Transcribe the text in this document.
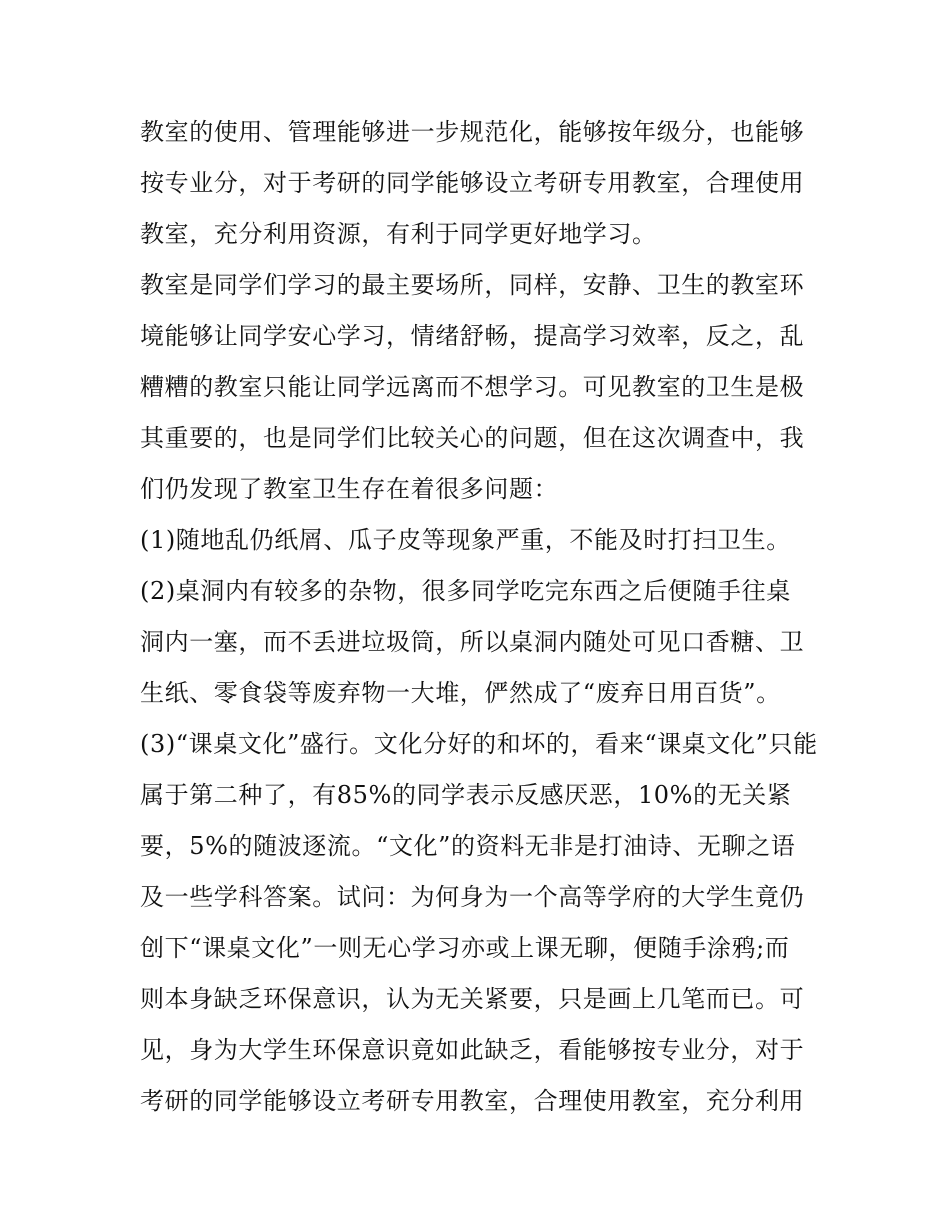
教室的使用、管理能够进一步规范化，能够按年级分，也能够
按专业分，对于考研的同学能够设立考研专用教室，合理使用
教室，充分利用资源，有利于同学更好地学习。
教室是同学们学习的最主要场所，同样，安静、卫生的教室环
境能够让同学安心学习，情绪舒畅，提高学习效率，反之，乱
糟糟的教室只能让同学远离而不想学习。可见教室的卫生是极
其重要的，也是同学们比较关心的问题，但在这次调查中，我
们仍发现了教室卫生存在着很多问题：
(1)随地乱仍纸屑、瓜子皮等现象严重，不能及时打扫卫生。
(2)桌洞内有较多的杂物，很多同学吃完东西之后便随手往桌
洞内一塞，而不丢进垃圾筒，所以桌洞内随处可见口香糖、卫
生纸、零食袋等废弃物一大堆，俨然成了“废弃日用百货”。
(3)“课桌文化”盛行。文化分好的和坏的，看来“课桌文化”只能
属于第二种了，有85%的同学表示反感厌恶，10%的无关紧
要，5%的随波逐流。“文化”的资料无非是打油诗、无聊之语
及一些学科答案。试问：为何身为一个高等学府的大学生竟仍
创下“课桌文化”一则无心学习亦或上课无聊，便随手涂鸦;而
则本身缺乏环保意识，认为无关紧要，只是画上几笔而已。可
见，身为大学生环保意识竟如此缺乏，看能够按专业分，对于
考研的同学能够设立考研专用教室，合理使用教室，充分利用
